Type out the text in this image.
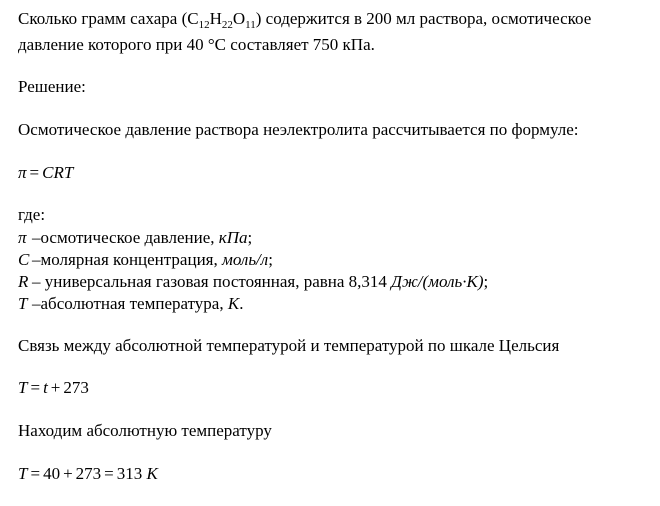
Сколько грамм сахара $(C_{12}H_{22}O_{11})$ содержится в 200 мл раствора, осмотическое
давление которого при 40 °С составляет 750 кПа.
Решение:
Осмотическое давление раствора неэлектролита рассчитывается по формуле:
π = CRT
где:
π –осмотическое давление, кПа;
C –молярная концентрация, моль/л;
R – универсальная газовая постоянная, равна 8,314 Дж/(моль·K);
T –абсолютная температура, K.
Связь между абсолютной температурой и температурой по шкале Цельсия
T = t + 273
Находим абсолютную температуру
T = 40 + 273 = 313 K
